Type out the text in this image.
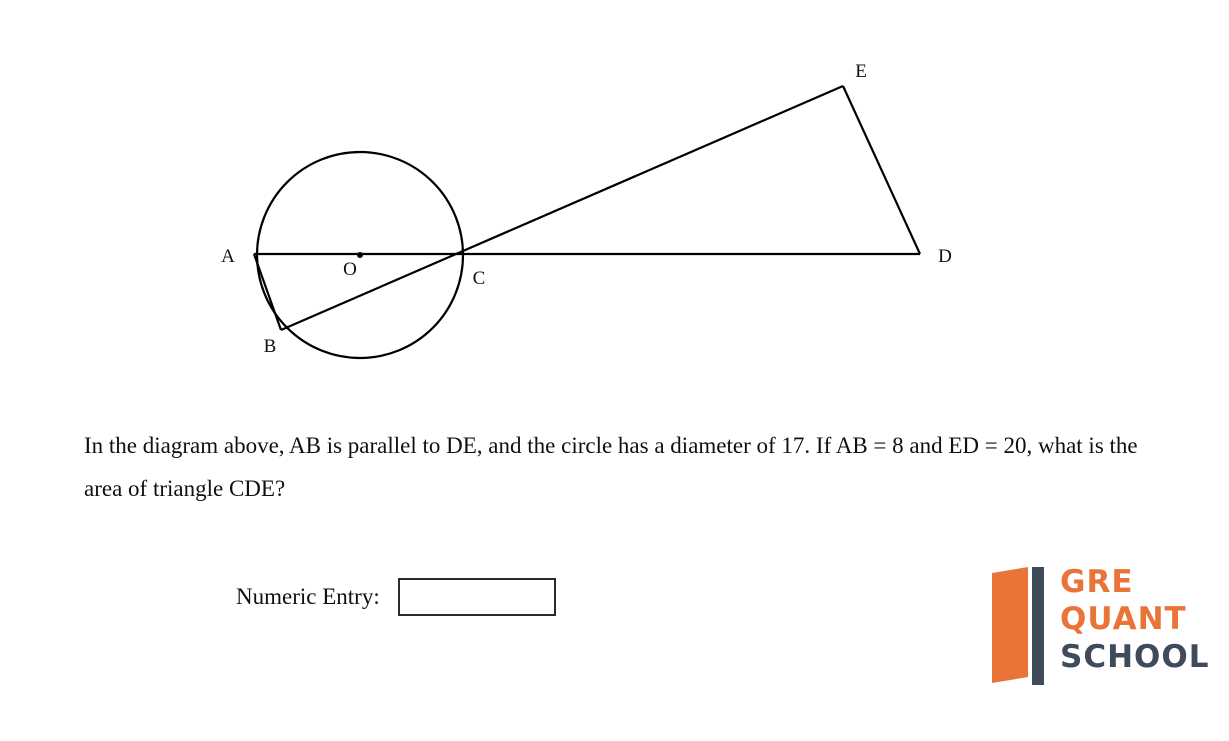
A
B
O	C
D
E
In the diagram above, AB is parallel to DE, and the circle has a diameter of 17. If AB = 8 and ED = 20, what is the area of triangle CDE?
Numeric Entry:	GRE
QUANT
SCHOOL
